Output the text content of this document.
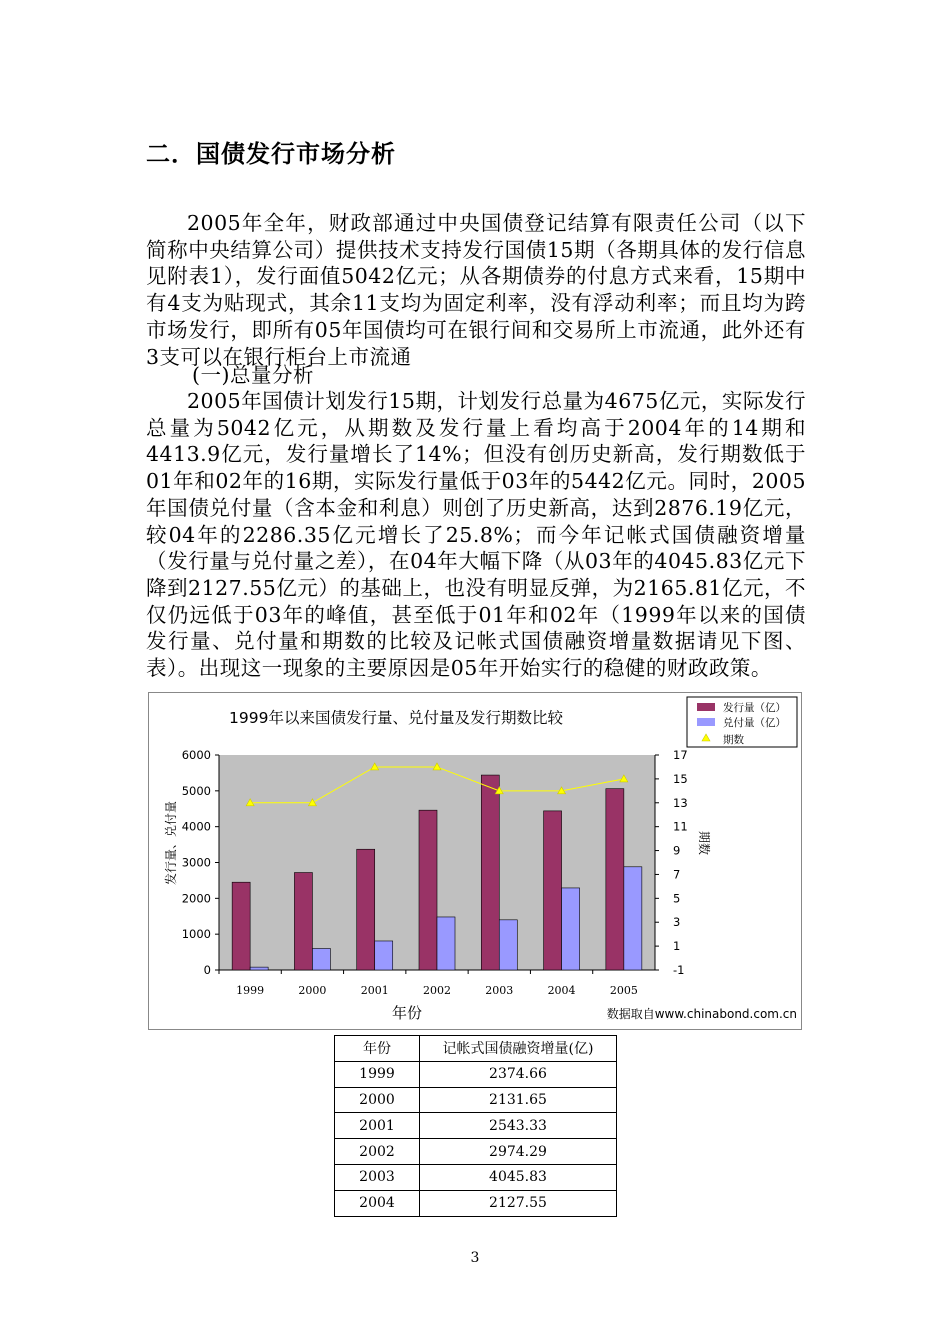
二．国债发行市场分析

2005年全年，财政部通过中央国债登记结算有限责任公司（以下简称中央结算公司）提供技术支持发行国债15期（各期具体的发行信息见附表1），发行面值5042亿元；从各期债券的付息方式来看，15期中有4支为贴现式，其余11支均为固定利率，没有浮动利率；而且均为跨市场发行，即所有05年国债均可在银行间和交易所上市流通，此外还有3支可以在银行柜台上市流通

(一)总量分析

2005年国债计划发行15期，计划发行总量为4675亿元，实际发行总量为5042亿元，从期数及发行量上看均高于2004年的14期和4413.9亿元，发行量增长了14%；但没有创历史新高，发行期数低于01年和02年的16期，实际发行量低于03年的5442亿元。同时，2005年国债兑付量（含本金和利息）则创了历史新高，达到2876.19亿元，较04年的2286.35亿元增长了25.8%；而今年记帐式国债融资增量（发行量与兑付量之差），在04年大幅下降（从03年的4045.83亿元下降到2127.55亿元）的基础上，也没有明显反弹，为2165.81亿元，不仅仍远低于03年的峰值，甚至低于01年和02年（1999年以来的国债发行量、兑付量和期数的比较及记帐式国债融资增量数据请见下图、表）。出现这一现象的主要原因是05年开始实行的稳健的财政政策。

1999年以来国债发行量、兑付量及发行期数比较
发行量（亿）
兑付量（亿）
期数
0
1000
2000
3000
4000
5000
6000
-1
1
3
5
7
9
11
13
15
17
1999	2000	2001	2002	2003	2004	2005
发行量、兑付量	期数
年份	数据取自www.chinabond.com.cn
年份	记帐式国债融资增量(亿)
1999	2374.66
2000	2131.65
2001	2543.33
2002	2974.29
2003	4045.83
2004	2127.55
3
